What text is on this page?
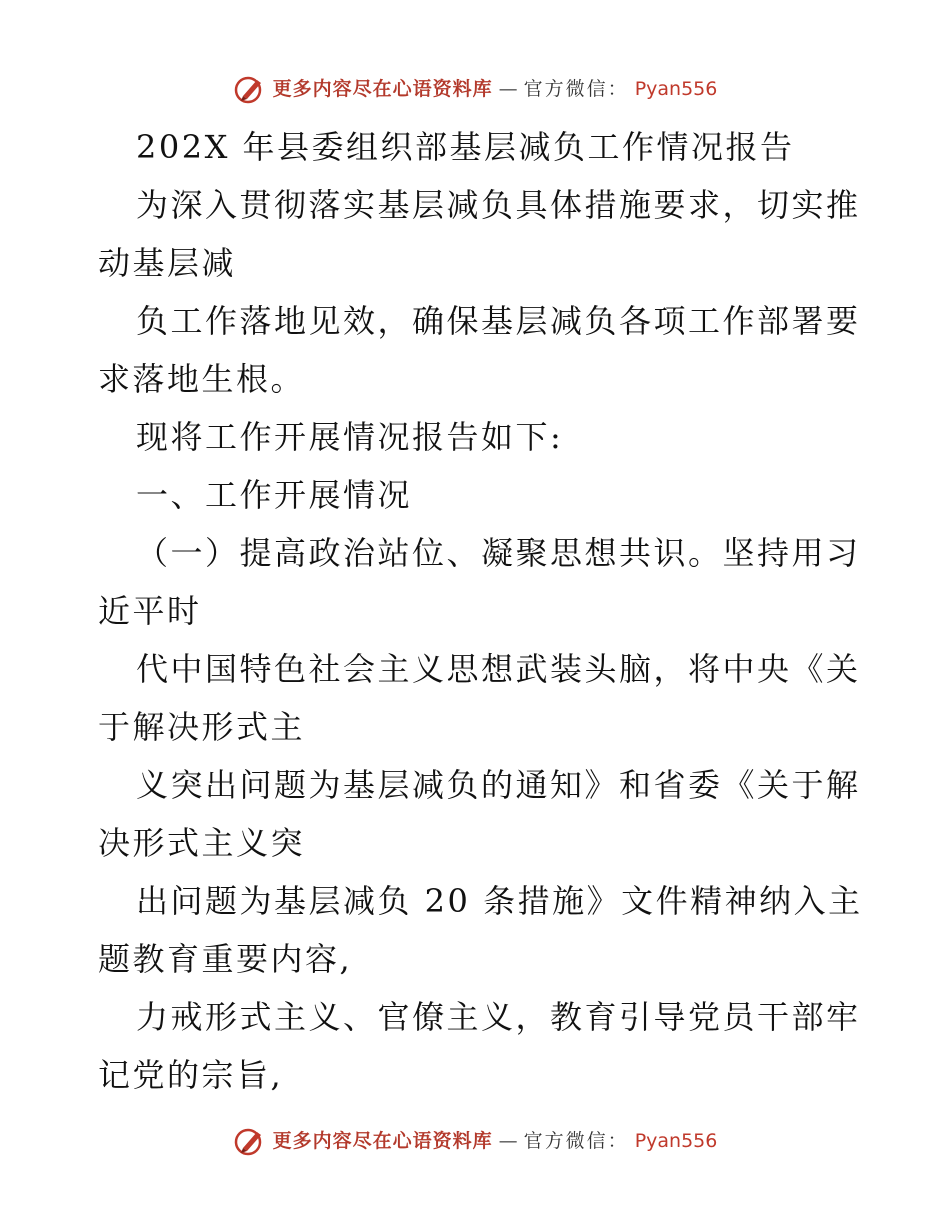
更多内容尽在心语资料库 — 官方微信： Pyan556
202X 年县委组织部基层减负工作情况报告
为深入贯彻落实基层减负具体措施要求，切实推
动基层减
负工作落地见效，确保基层减负各项工作部署要
求落地生根。
现将工作开展情况报告如下:
一、工作开展情况
（一）提高政治站位、凝聚思想共识。坚持用习
近平时
代中国特色社会主义思想武装头脑，将中央《关
于解决形式主
义突出问题为基层减负的通知》和省委《关于解
决形式主义突
出问题为基层减负 20 条措施》文件精神纳入主
题教育重要内容,
力戒形式主义、官僚主义，教育引导党员干部牢
记党的宗旨,
更多内容尽在心语资料库 — 官方微信： Pyan556
